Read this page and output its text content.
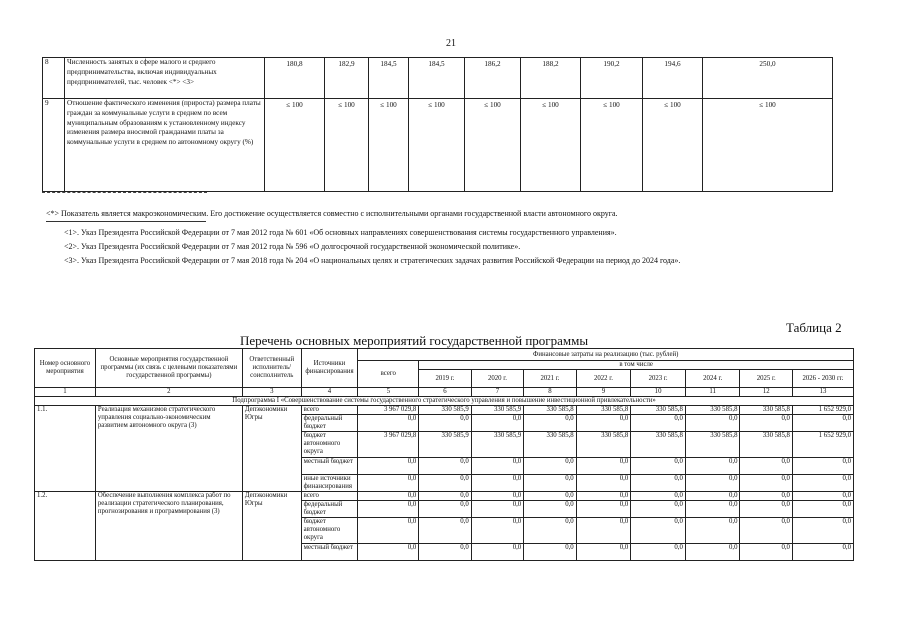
21
8	Численность занятых в сфере малого и среднего предпринимательства, включая индивидуальных предпринимателей, тыс. человек <*> <3>	180,8	182,9	184,5	184,5	186,2	188,2	190,2	194,6	250,0
9	Отношение фактического изменения (прироста) размера платы граждан за коммунальные услуги в среднем по всем муниципальным образованиям к установленному индексу изменения размера вносимой гражданами платы за коммунальные услуги в среднем по автономному округу (%)	≤ 100	≤ 100	≤ 100	≤ 100	≤ 100	≤ 100	≤ 100	≤ 100	≤ 100
<*> Показатель является макроэкономическим. Его достижение осуществляется совместно с исполнительными органами государственной власти автономного округа.
<1>. Указ Президента Российской Федерации от 7 мая 2012 года № 601 «Об основных направлениях совершенствования системы государственного управления».
<2>. Указ Президента Российской Федерации от 7 мая 2012 года № 596 «О долгосрочной государственной экономической политике».
<3>. Указ Президента Российской Федерации от 7 мая 2018 года № 204 «О национальных целях и стратегических задачах развития Российской Федерации на период до 2024 года».
Таблица 2
Перечень основных мероприятий государственной программы
Номер основного мероприятия	Основные мероприятия государственной программы (их связь с целевыми показателями государственной программы)	Ответственный исполнитель/ соисполнитель	Источники финансирования	Финансовые затраты на реализацию (тыс. рублей)								
				всего	в том числе							
					2019 г.	2020 г.	2021 г.	2022 г.	2023 г.	2024 г.	2025 г.	2026 - 2030 гг.
1	2	3	4	5	6	7	8	9	10	11	12	13
Подпрограмма I «Совершенствование системы государственного стратегического управления и повышение инвестиционной привлекательности»												
1.1.	Реализация механизмов стратегического управления социально-экономическим развитием автономного округа (3)	Депэкономики Югры	всего	3 967 029,8	330 585,9	330 585,9	330 585,8	330 585,8	330 585,8	330 585,8	330 585,8	1 652 929,0
			федеральный бюджет	0,0	0,0	0,0	0,0	0,0	0,0	0,0	0,0	0,0
			бюджет автономного округа	3 967 029,8	330 585,9	330 585,9	330 585,8	330 585,8	330 585,8	330 585,8	330 585,8	1 652 929,0
			местный бюджет	0,0	0,0	0,0	0,0	0,0	0,0	0,0	0,0	0,0
			иные источники финансирования	0,0	0,0	0,0	0,0	0,0	0,0	0,0	0,0	0,0
1.2.	Обеспечение выполнения комплекса работ по реализации стратегического планирования, прогнозирования и программирования (3)	Депэкономики Югры	всего	0,0	0,0	0,0	0,0	0,0	0,0	0,0	0,0	0,0
			федеральный бюджет	0,0	0,0	0,0	0,0	0,0	0,0	0,0	0,0	0,0
			бюджет автономного округа	0,0	0,0	0,0	0,0	0,0	0,0	0,0	0,0	0,0
			местный бюджет	0,0	0,0	0,0	0,0	0,0	0,0	0,0	0,0	0,0
